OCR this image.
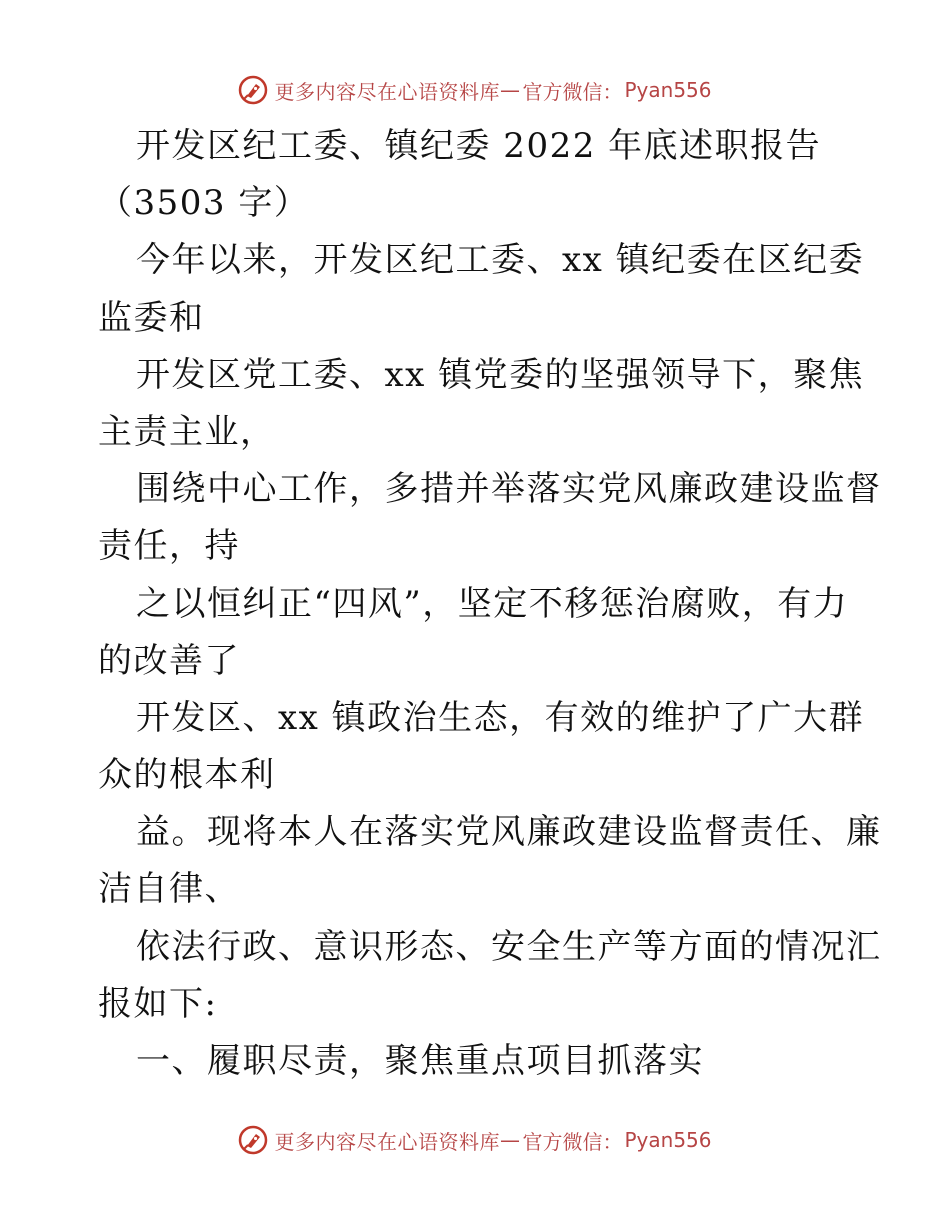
更多内容尽在心语资料库 — 官方微信： Pyan556
开发区纪工委、镇纪委 2022 年底述职报告
（3503 字）
今年以来，开发区纪工委、xx 镇纪委在区纪委
监委和
开发区党工委、xx 镇党委的坚强领导下，聚焦
主责主业，
围绕中心工作，多措并举落实党风廉政建设监督
责任，持
之以恒纠正“四风”，坚定不移惩治腐败，有力
的改善了
开发区、xx 镇政治生态，有效的维护了广大群
众的根本利
益。现将本人在落实党风廉政建设监督责任、廉
洁自律、
依法行政、意识形态、安全生产等方面的情况汇
报如下:
一、履职尽责，聚焦重点项目抓落实
更多内容尽在心语资料库 — 官方微信： Pyan556
